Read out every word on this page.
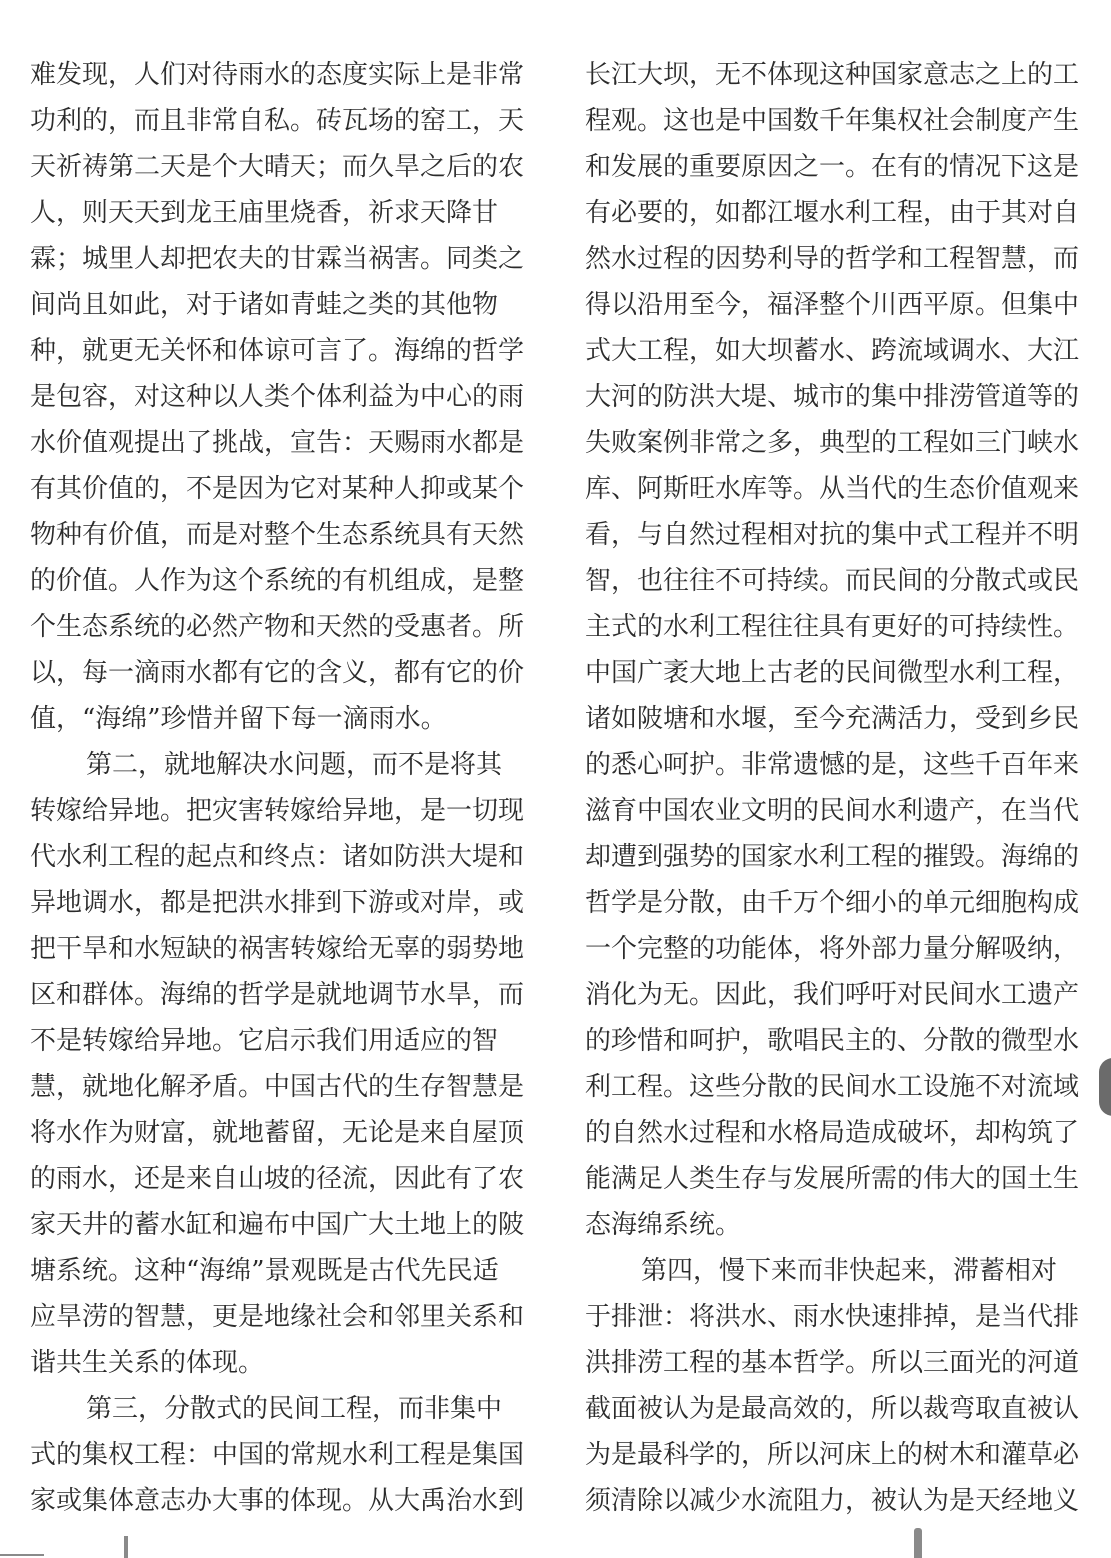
难发现，人们对待雨水的态度实际上是非常
功利的，而且非常自私。砖瓦场的窑工，天
天祈祷第二天是个大晴天；而久旱之后的农
人，则天天到龙王庙里烧香，祈求天降甘
霖；城里人却把农夫的甘霖当祸害。同类之
间尚且如此，对于诸如青蛙之类的其他物
种，就更无关怀和体谅可言了。海绵的哲学
是包容，对这种以人类个体利益为中心的雨
水价值观提出了挑战，宣告：天赐雨水都是
有其价值的，不是因为它对某种人抑或某个
物种有价值，而是对整个生态系统具有天然
的价值。人作为这个系统的有机组成，是整
个生态系统的必然产物和天然的受惠者。所
以，每一滴雨水都有它的含义，都有它的价
值，“海绵”珍惜并留下每一滴雨水。
第二，就地解决水问题，而不是将其
转嫁给异地。把灾害转嫁给异地，是一切现
代水利工程的起点和终点：诸如防洪大堤和
异地调水，都是把洪水排到下游或对岸，或
把干旱和水短缺的祸害转嫁给无辜的弱势地
区和群体。海绵的哲学是就地调节水旱，而
不是转嫁给异地。它启示我们用适应的智
慧，就地化解矛盾。中国古代的生存智慧是
将水作为财富，就地蓄留，无论是来自屋顶
的雨水，还是来自山坡的径流，因此有了农
家天井的蓄水缸和遍布中国广大土地上的陂
塘系统。这种“海绵”景观既是古代先民适
应旱涝的智慧，更是地缘社会和邻里关系和
谐共生关系的体现。
第三，分散式的民间工程，而非集中
式的集权工程：中国的常规水利工程是集国
家或集体意志办大事的体现。从大禹治水到
长江大坝，无不体现这种国家意志之上的工
程观。这也是中国数千年集权社会制度产生
和发展的重要原因之一。在有的情况下这是
有必要的，如都江堰水利工程，由于其对自
然水过程的因势利导的哲学和工程智慧，而
得以沿用至今，福泽整个川西平原。但集中
式大工程，如大坝蓄水、跨流域调水、大江
大河的防洪大堤、城市的集中排涝管道等的
失败案例非常之多，典型的工程如三门峡水
库、阿斯旺水库等。从当代的生态价值观来
看，与自然过程相对抗的集中式工程并不明
智，也往往不可持续。而民间的分散式或民
主式的水利工程往往具有更好的可持续性。
中国广袤大地上古老的民间微型水利工程，
诸如陂塘和水堰，至今充满活力，受到乡民
的悉心呵护。非常遗憾的是，这些千百年来
滋育中国农业文明的民间水利遗产，在当代
却遭到强势的国家水利工程的摧毁。海绵的
哲学是分散，由千万个细小的单元细胞构成
一个完整的功能体，将外部力量分解吸纳，
消化为无。因此，我们呼吁对民间水工遗产
的珍惜和呵护，歌唱民主的、分散的微型水
利工程。这些分散的民间水工设施不对流域
的自然水过程和水格局造成破坏，却构筑了
能满足人类生存与发展所需的伟大的国土生
态海绵系统。
第四，慢下来而非快起来，滞蓄相对
于排泄：将洪水、雨水快速排掉，是当代排
洪排涝工程的基本哲学。所以三面光的河道
截面被认为是最高效的，所以裁弯取直被认
为是最科学的，所以河床上的树木和灌草必
须清除以减少水流阻力，被认为是天经地义
